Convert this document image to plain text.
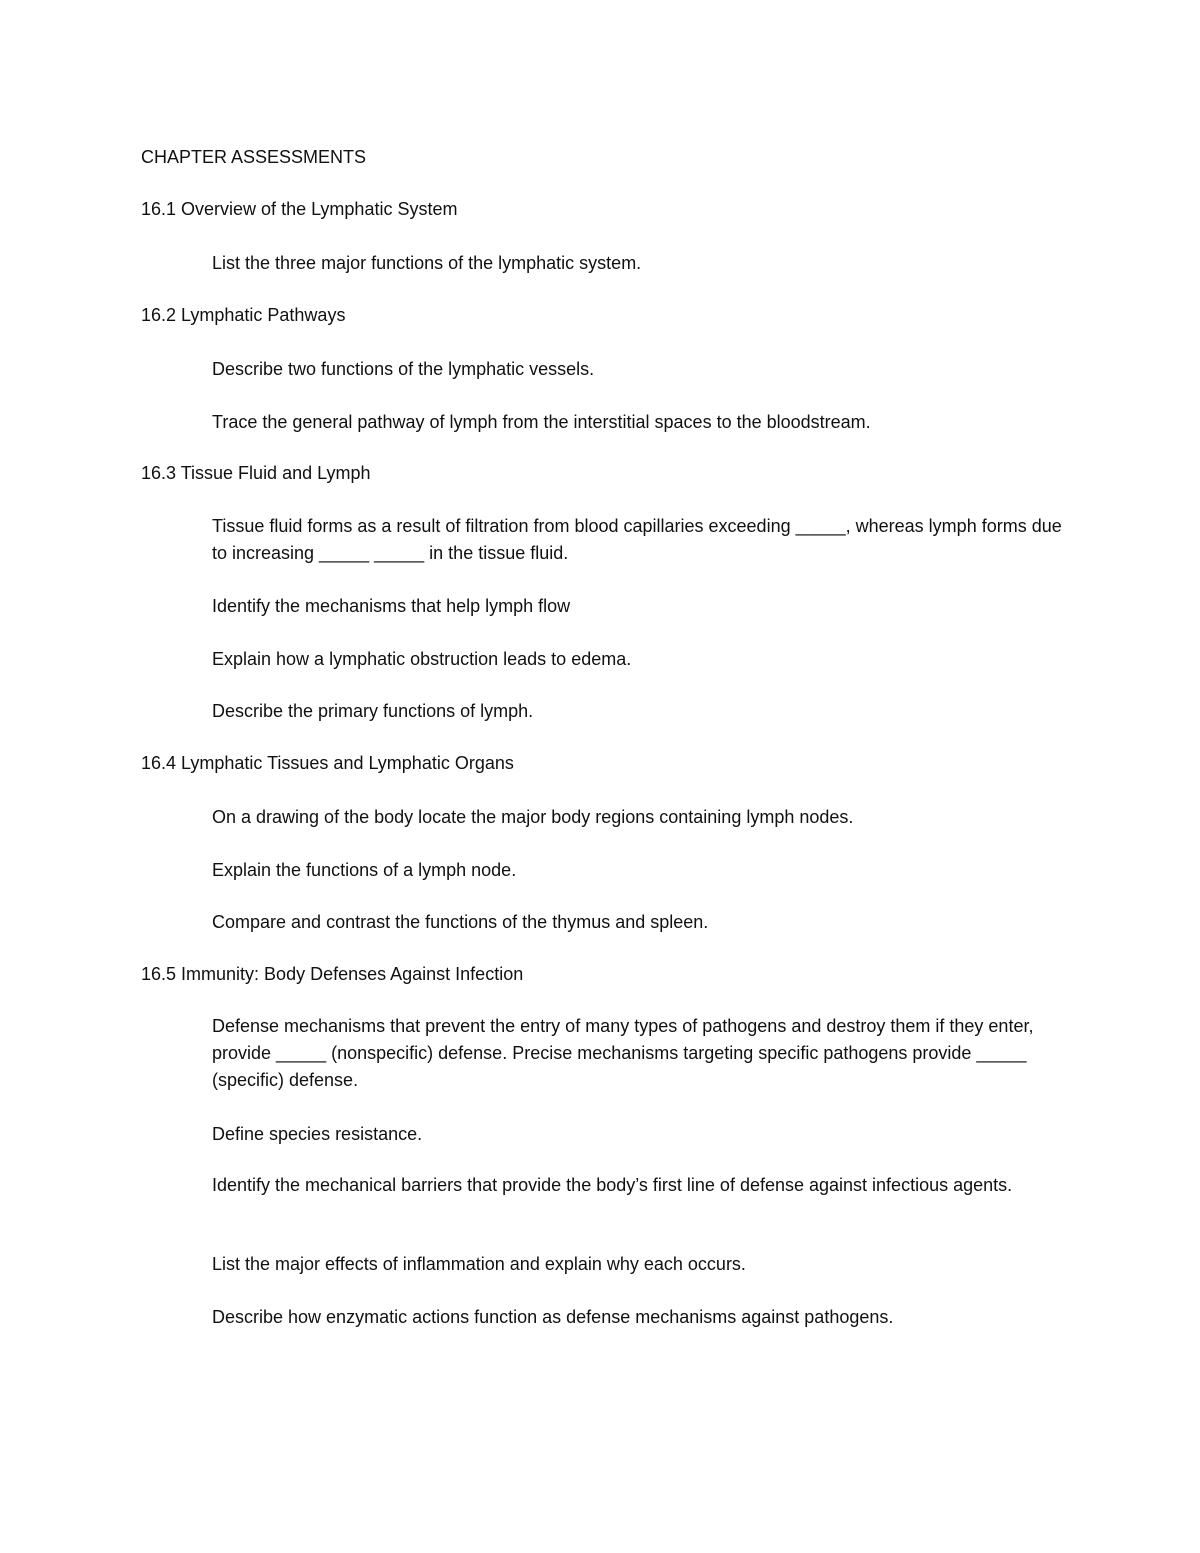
CHAPTER ASSESSMENTS
16.1 Overview of the Lymphatic System
List the three major functions of the lymphatic system.
16.2 Lymphatic Pathways
Describe two functions of the lymphatic vessels.
Trace the general pathway of lymph from the interstitial spaces to the bloodstream.
16.3 Tissue Fluid and Lymph
Tissue fluid forms as a result of filtration from blood capillaries exceeding _____, whereas lymph forms due to increasing _____ _____ in the tissue fluid.
Identify the mechanisms that help lymph flow
Explain how a lymphatic obstruction leads to edema.
Describe the primary functions of lymph.
16.4 Lymphatic Tissues and Lymphatic Organs
On a drawing of the body locate the major body regions containing lymph nodes.
Explain the functions of a lymph node.
Compare and contrast the functions of the thymus and spleen.
16.5 Immunity: Body Defenses Against Infection
Defense mechanisms that prevent the entry of many types of pathogens and destroy them if they enter, provide _____ (nonspecific) defense. Precise mechanisms targeting specific pathogens provide _____ (specific) defense.
Define species resistance.
Identify the mechanical barriers that provide the body’s first line of defense against infectious agents.
List the major effects of inflammation and explain why each occurs.
Describe how enzymatic actions function as defense mechanisms against pathogens.
